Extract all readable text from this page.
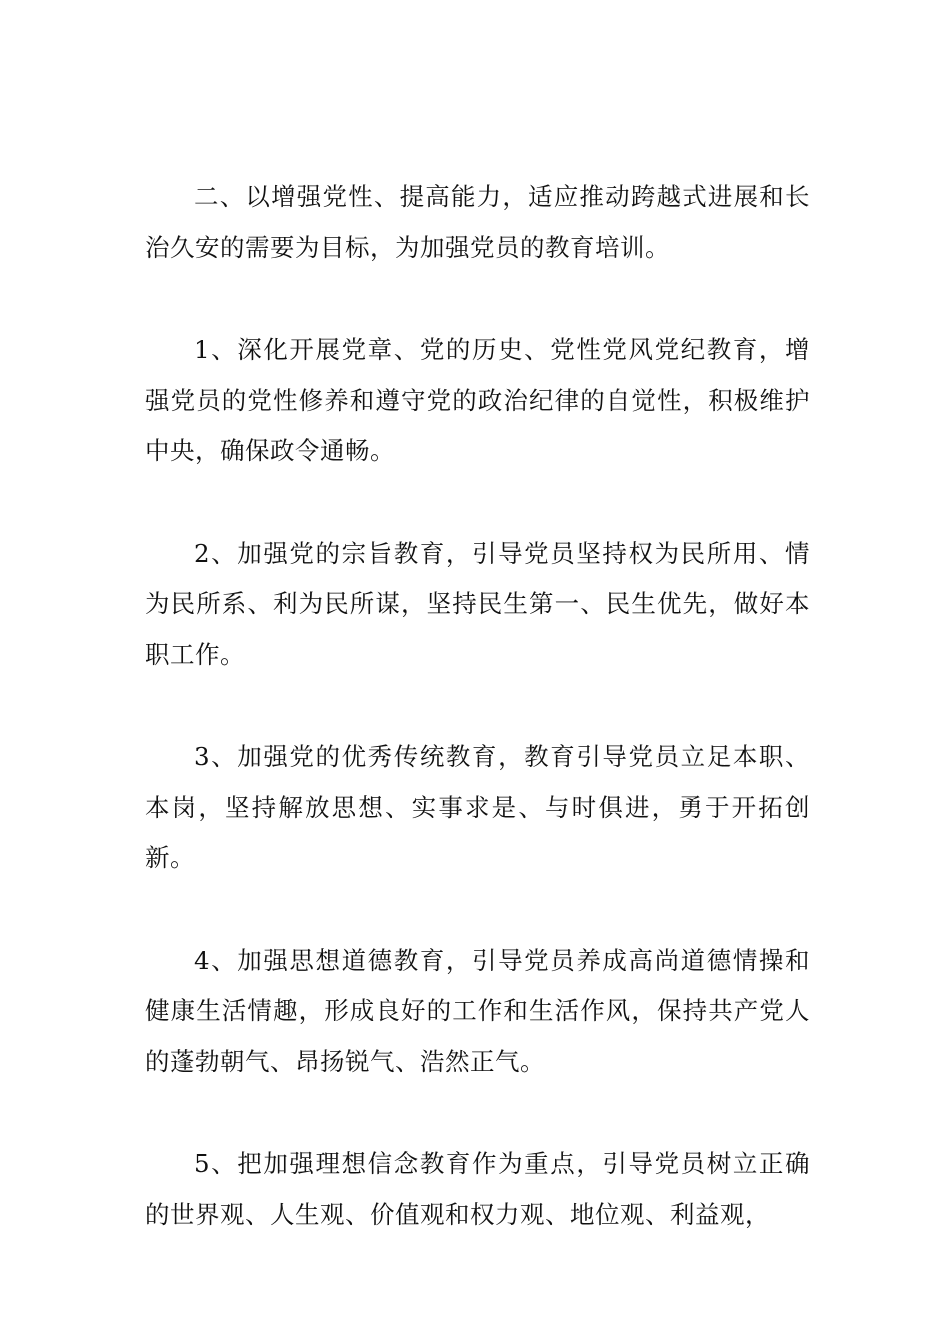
二、以增强党性、提高能力，适应推动跨越式进展和长治久安的需要为目标，为加强党员的教育培训。

1、深化开展党章、党的历史、党性党风党纪教育，增强党员的党性修养和遵守党的政治纪律的自觉性，积极维护中央，确保政令通畅。

2、加强党的宗旨教育，引导党员坚持权为民所用、情为民所系、利为民所谋，坚持民生第一、民生优先，做好本职工作。

3、加强党的优秀传统教育，教育引导党员立足本职、本岗，坚持解放思想、实事求是、与时俱进，勇于开拓创新。

4、加强思想道德教育，引导党员养成高尚道德情操和健康生活情趣，形成良好的工作和生活作风，保持共产党人的蓬勃朝气、昂扬锐气、浩然正气。

5、把加强理想信念教育作为重点，引导党员树立正确的世界观、人生观、价值观和权力观、地位观、利益观，
